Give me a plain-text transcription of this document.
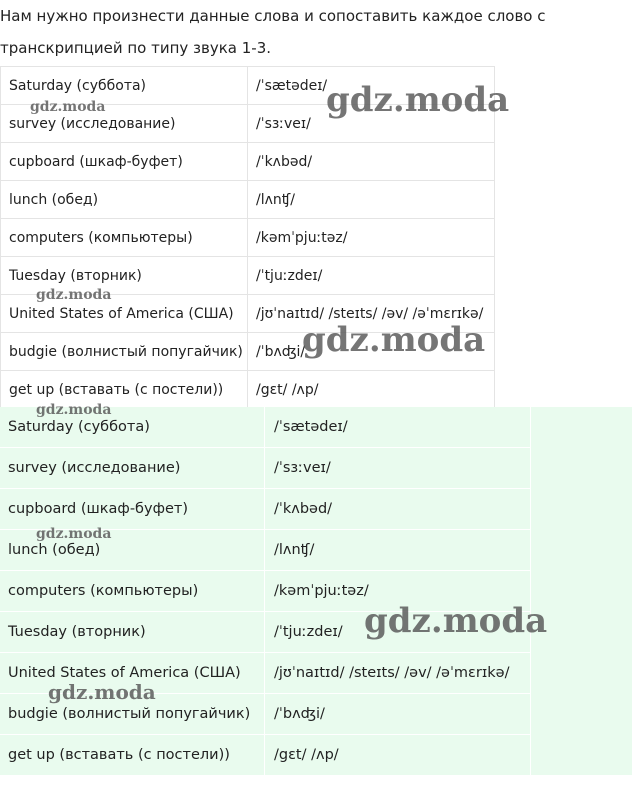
Нам нужно произнести данные слова и сопоставить каждое слово с
транскрипцией по типу звука 1-3.
Saturday (суббота)	/ˈsætədeɪ/
survey (исследование)	/ˈsɜːveɪ/
cupboard (шкаф-буфет)	/ˈkʌbəd/
lunch (обед)	/lʌnʧ/
computers (компьютеры)	/kəmˈpjuːtəz/
Tuesday (вторник)	/ˈtjuːzdeɪ/
United States of America (США)	/jʊˈnaɪtɪd/ /steɪts/ /əv/ /əˈmɛrɪkə/
budgie (волнистый попугайчик)	/ˈbʌʤi/
get up (вставать (с постели))	/gɛt/ /ʌp/
Saturday (суббота)	/ˈsætədeɪ/
survey (исследование)	/ˈsɜːveɪ/
cupboard (шкаф-буфет)	/ˈkʌbəd/
lunch (обед)	/lʌnʧ/
computers (компьютеры)	/kəmˈpjuːtəz/
Tuesday (вторник)	/ˈtjuːzdeɪ/
United States of America (США)	/jʊˈnaɪtɪd/ /steɪts/ /əv/ /əˈmɛrɪkə/
budgie (волнистый попугайчик)	/ˈbʌʤi/
get up (вставать (с постели))	/gɛt/ /ʌp/
gdz.moda	gdz.moda
gdz.moda
gdz.moda
gdz.moda
gdz.moda
gdz.moda
gdz.moda
